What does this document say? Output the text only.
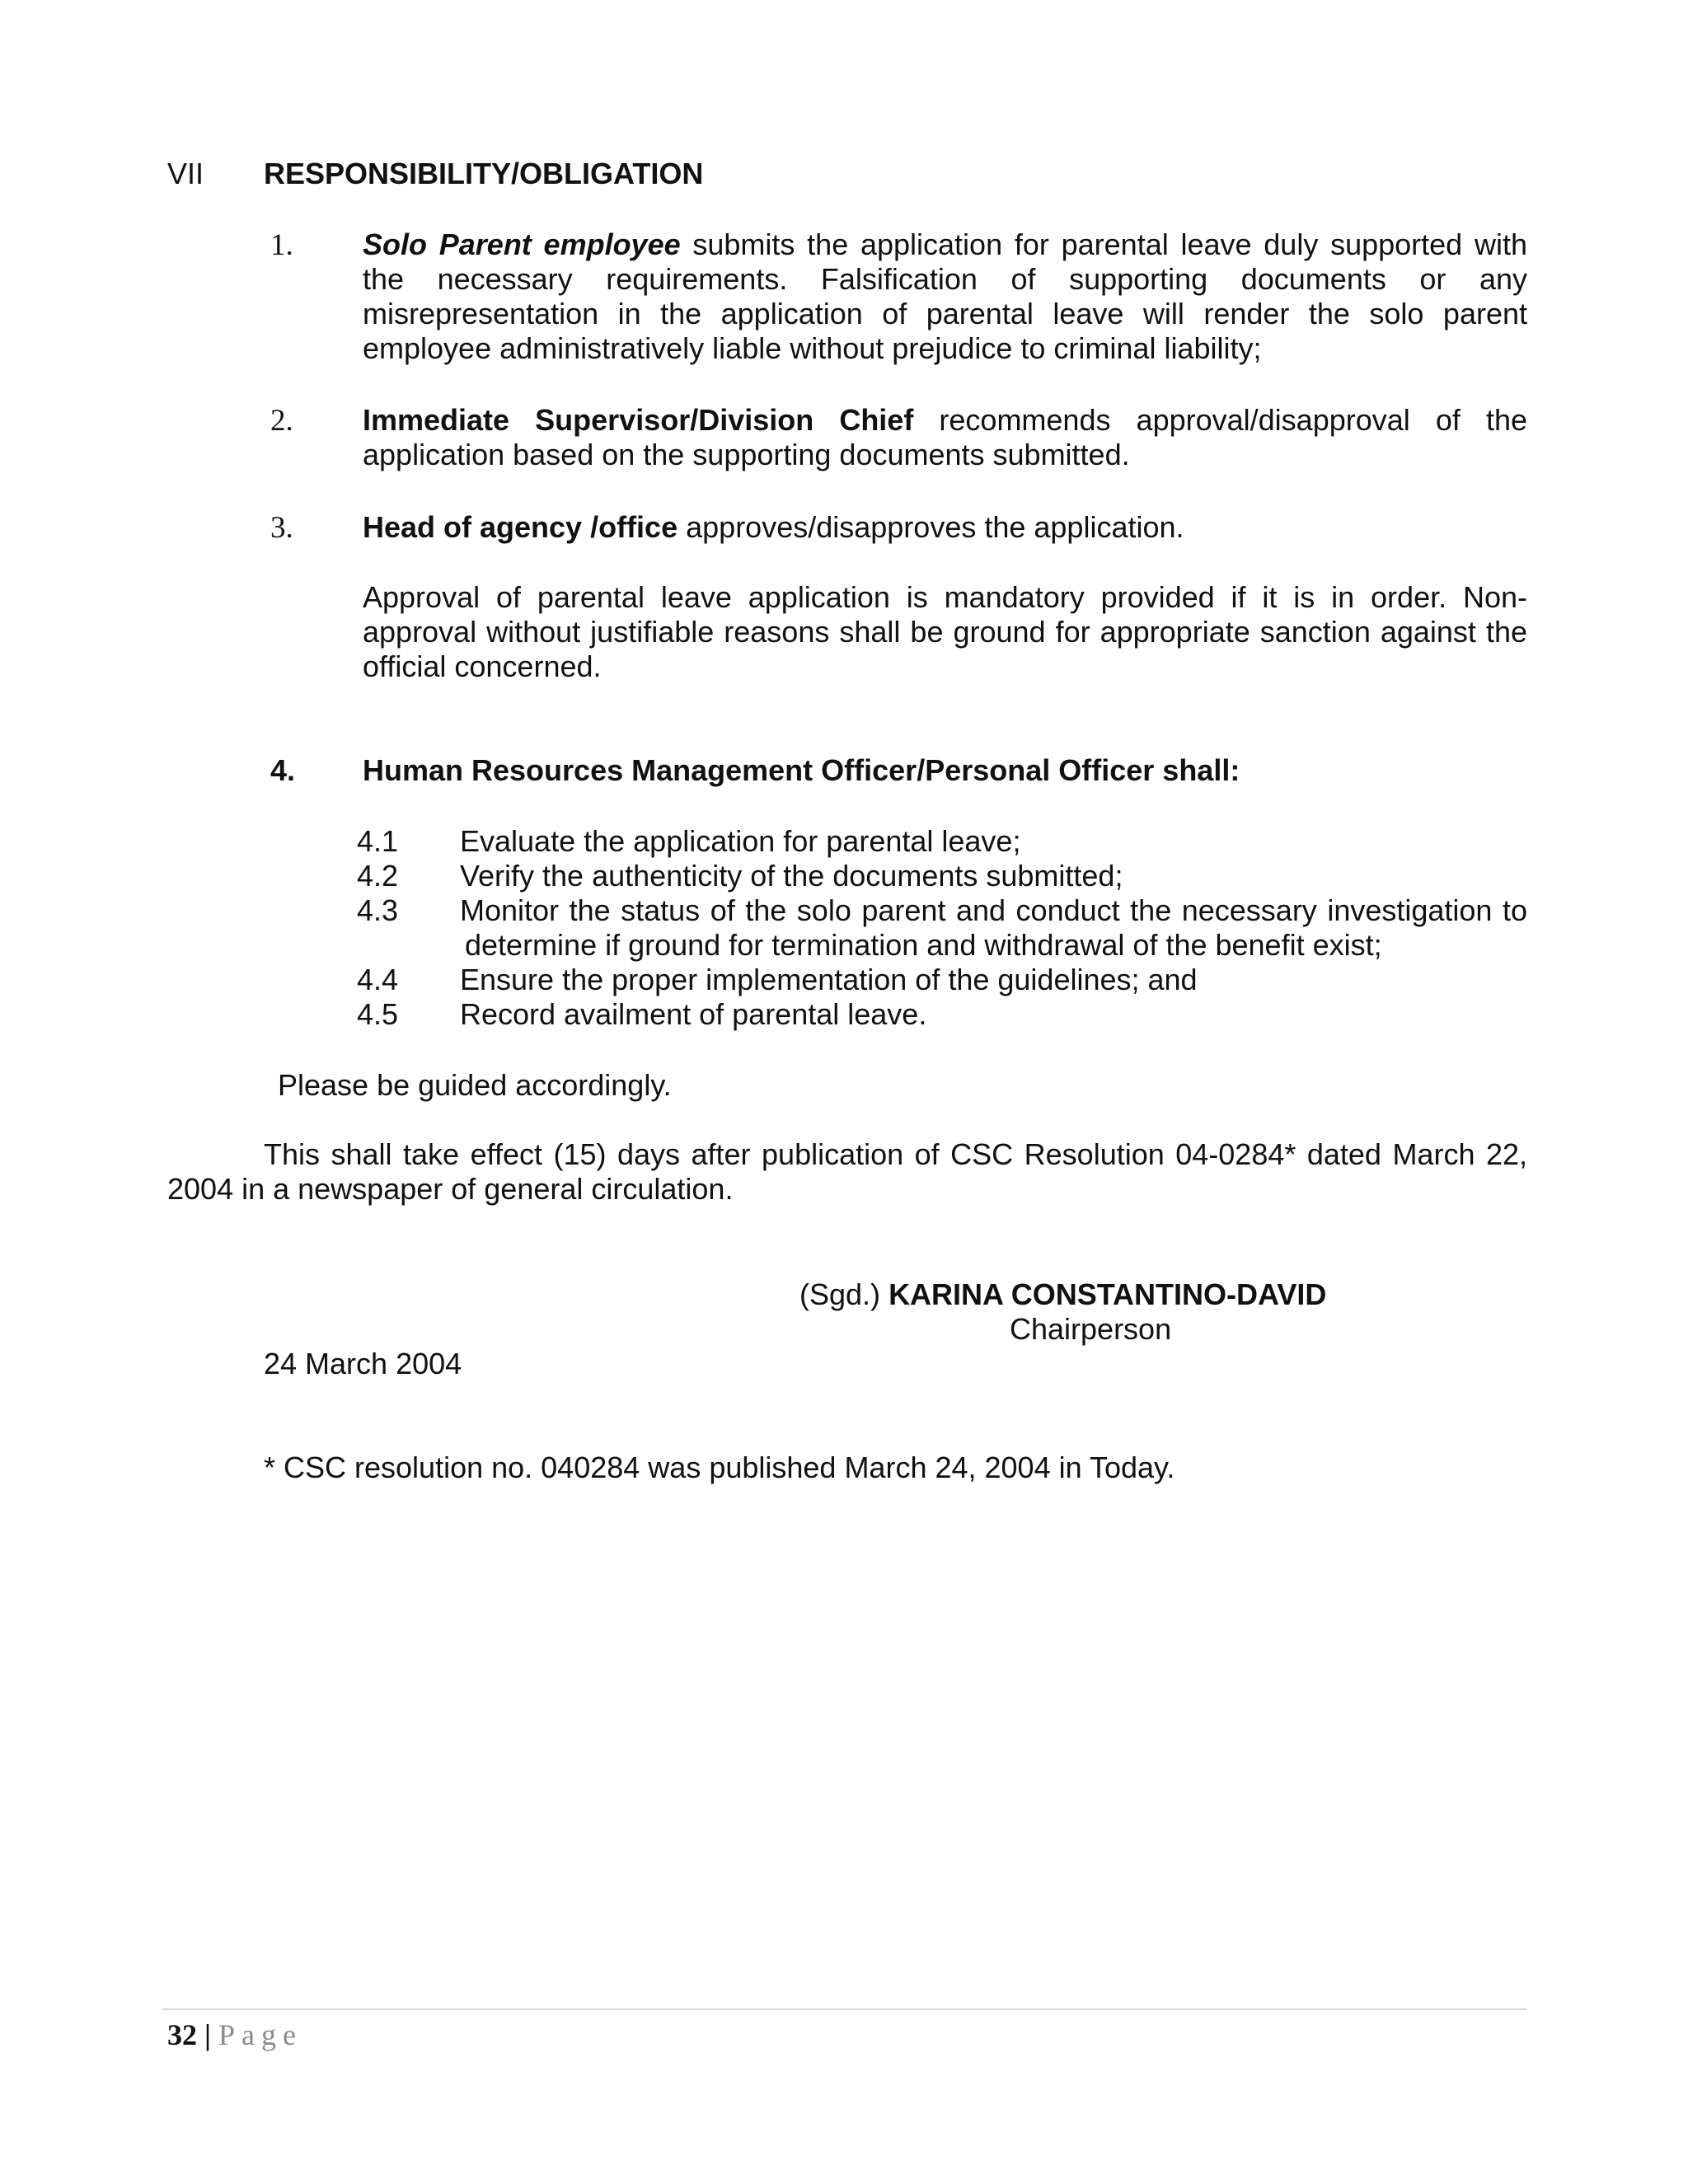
VII RESPONSIBILITY/OBLIGATION
1. Solo Parent employee submits the application for parental leave duly supported with
the necessary requirements. Falsification of supporting documents or any
misrepresentation in the application of parental leave will render the solo parent
employee administratively liable without prejudice to criminal liability;
2. Immediate Supervisor/Division Chief recommends approval/disapproval of the
application based on the supporting documents submitted.
3. Head of agency /office approves/disapproves the application.
Approval of parental leave application is mandatory provided if it is in order. Non-
approval without justifiable reasons shall be ground for appropriate sanction against the
official concerned.
4. Human Resources Management Officer/Personal Officer shall:
4.1 Evaluate the application for parental leave;
4.2 Verify the authenticity of the documents submitted;
4.3 Monitor the status of the solo parent and conduct the necessary investigation to
determine if ground for termination and withdrawal of the benefit exist;
4.4 Ensure the proper implementation of the guidelines; and
4.5 Record availment of parental leave.
Please be guided accordingly.
This shall take effect (15) days after publication of CSC Resolution 04-0284* dated March 22,
2004 in a newspaper of general circulation.
(Sgd.) KARINA CONSTANTINO-DAVID
Chairperson
24 March 2004
* CSC resolution no. 040284 was published March 24, 2004 in Today.
32 | Page
